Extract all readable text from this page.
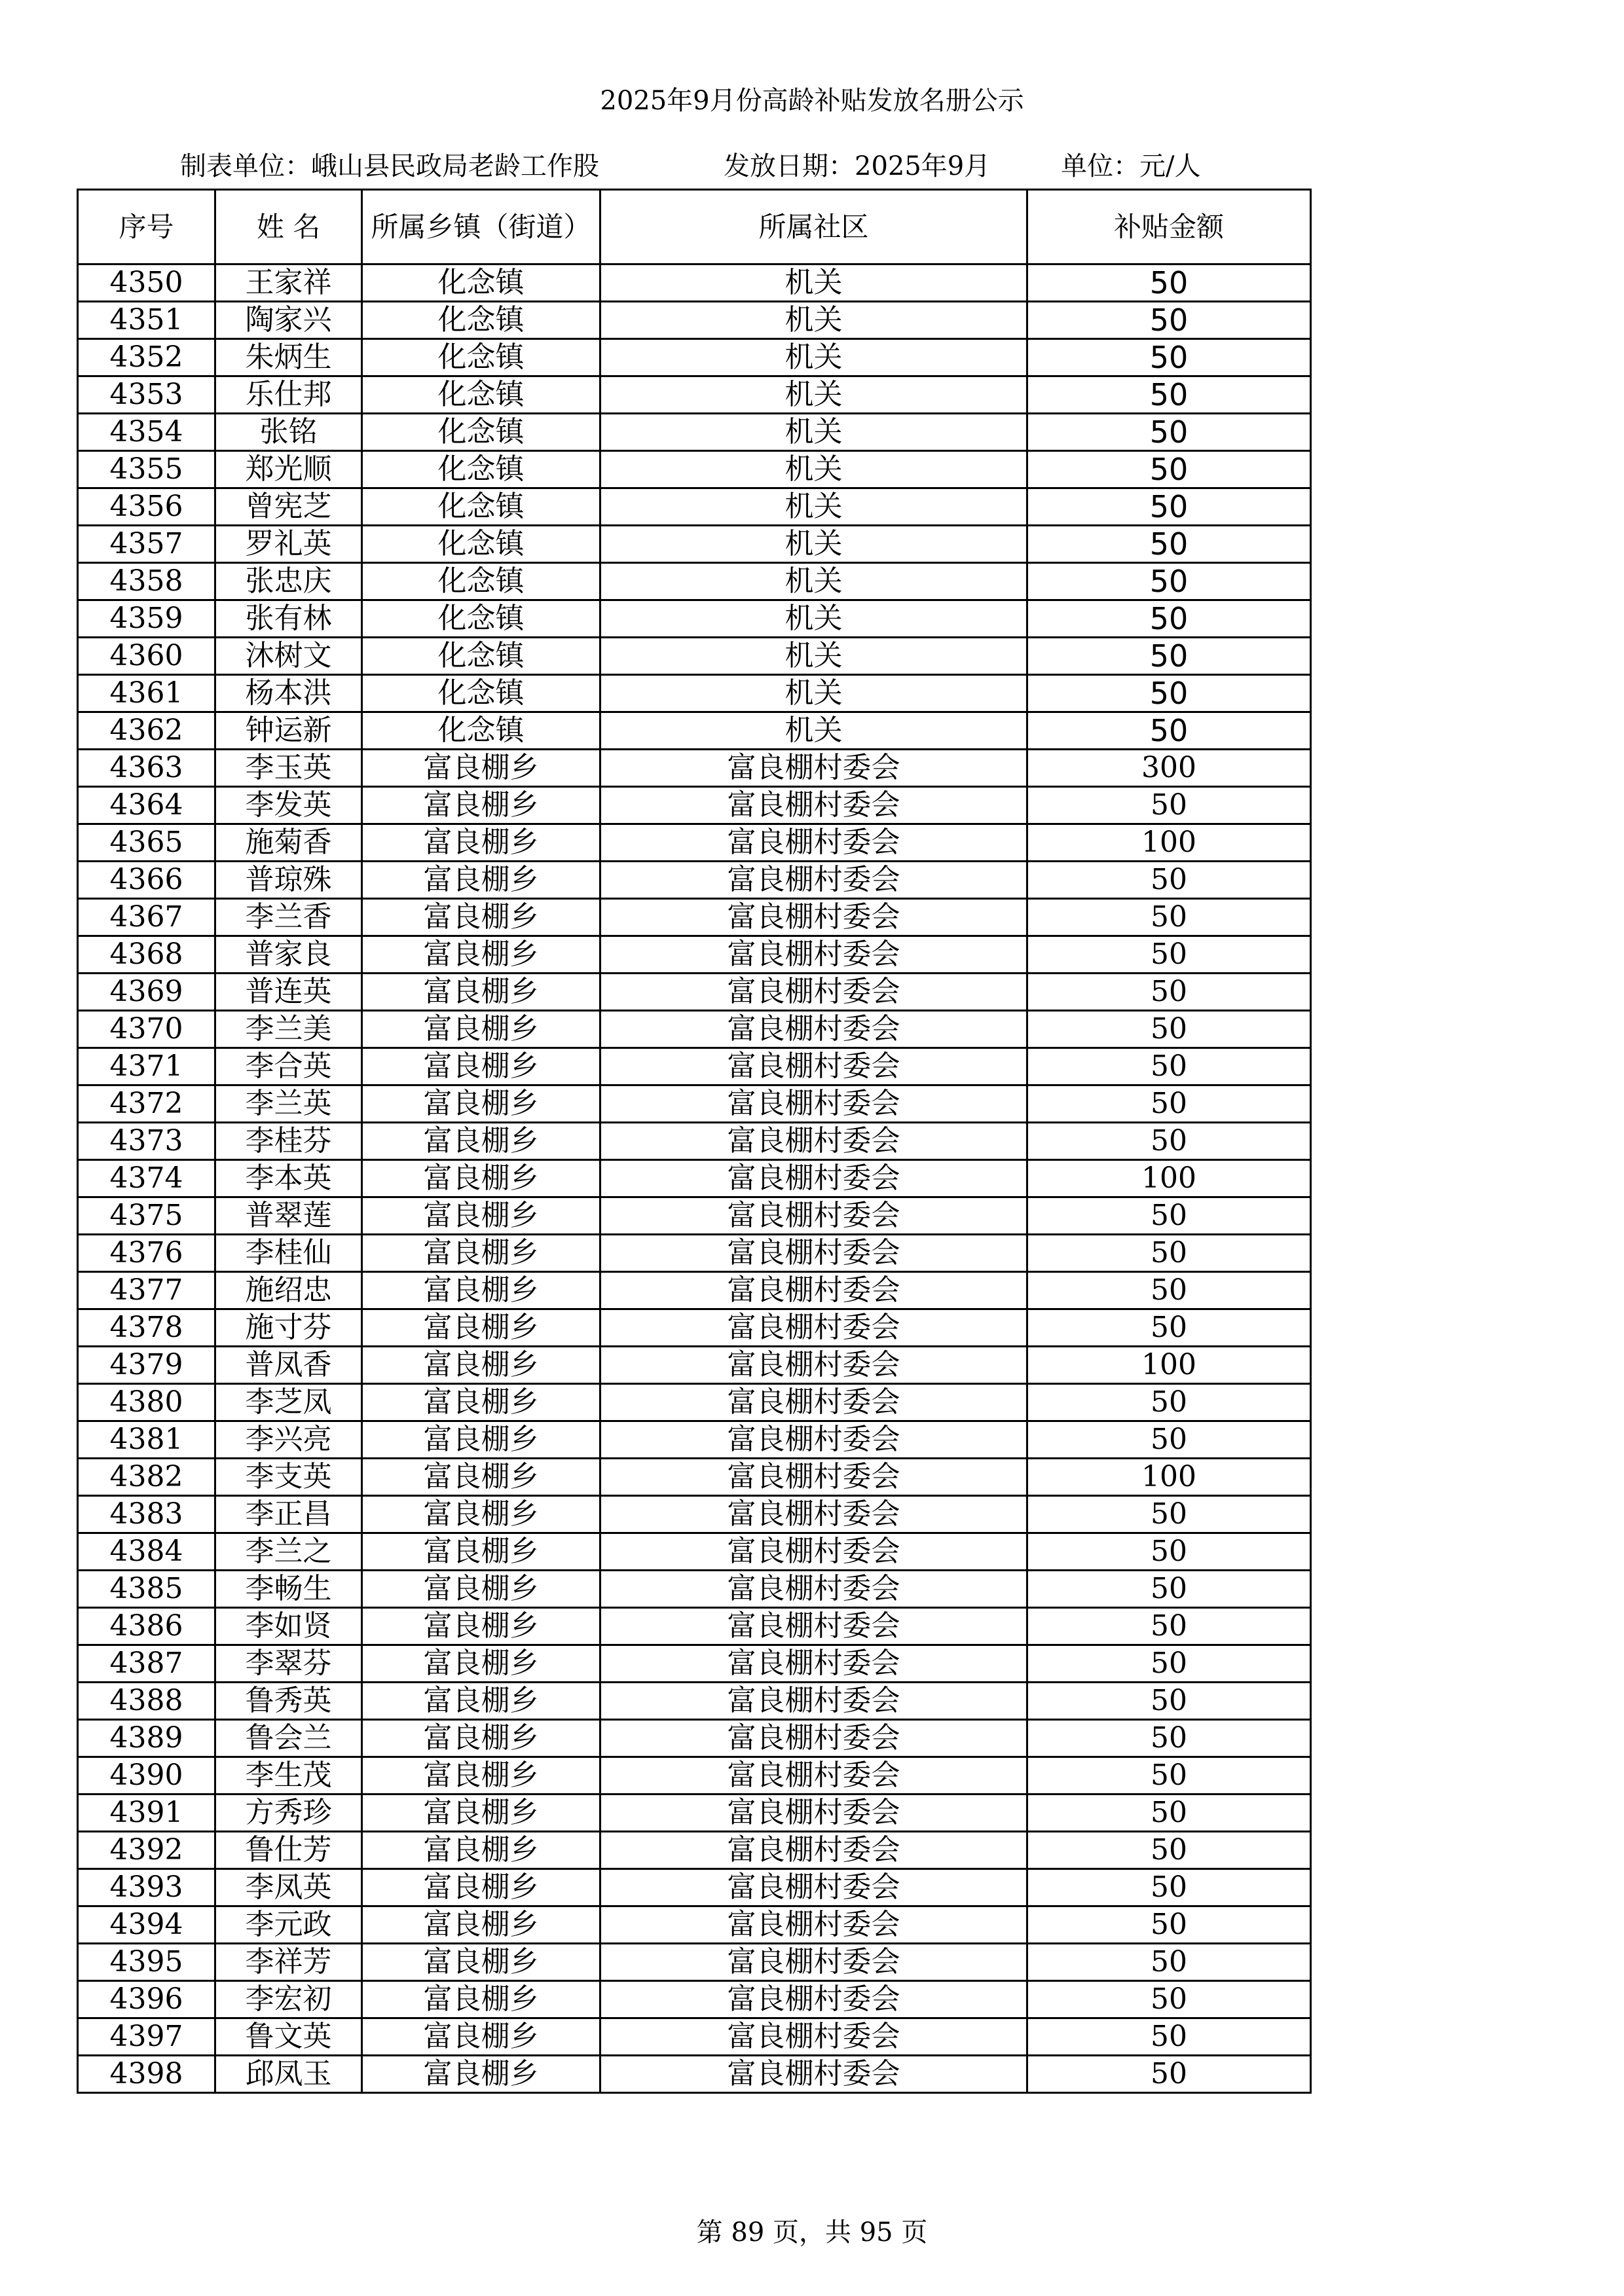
2025年9月份高龄补贴发放名册公示
制表单位：峨山县民政局老龄工作股	发放日期：2025年9月	单位：元/人
序号	姓 名	所属乡镇（街道）	所属社区	补贴金额
4350	王家祥	化念镇	机关	50
4351	陶家兴	化念镇	机关	50
4352	朱炳生	化念镇	机关	50
4353	乐仕邦	化念镇	机关	50
4354	张铭	化念镇	机关	50
4355	郑光顺	化念镇	机关	50
4356	曾宪芝	化念镇	机关	50
4357	罗礼英	化念镇	机关	50
4358	张忠庆	化念镇	机关	50
4359	张有林	化念镇	机关	50
4360	沐树文	化念镇	机关	50
4361	杨本洪	化念镇	机关	50
4362	钟运新	化念镇	机关	50
4363	李玉英	富良棚乡	富良棚村委会	300
4364	李发英	富良棚乡	富良棚村委会	50
4365	施菊香	富良棚乡	富良棚村委会	100
4366	普琼殊	富良棚乡	富良棚村委会	50
4367	李兰香	富良棚乡	富良棚村委会	50
4368	普家良	富良棚乡	富良棚村委会	50
4369	普连英	富良棚乡	富良棚村委会	50
4370	李兰美	富良棚乡	富良棚村委会	50
4371	李合英	富良棚乡	富良棚村委会	50
4372	李兰英	富良棚乡	富良棚村委会	50
4373	李桂芬	富良棚乡	富良棚村委会	50
4374	李本英	富良棚乡	富良棚村委会	100
4375	普翠莲	富良棚乡	富良棚村委会	50
4376	李桂仙	富良棚乡	富良棚村委会	50
4377	施绍忠	富良棚乡	富良棚村委会	50
4378	施寸芬	富良棚乡	富良棚村委会	50
4379	普凤香	富良棚乡	富良棚村委会	100
4380	李芝凤	富良棚乡	富良棚村委会	50
4381	李兴亮	富良棚乡	富良棚村委会	50
4382	李支英	富良棚乡	富良棚村委会	100
4383	李正昌	富良棚乡	富良棚村委会	50
4384	李兰之	富良棚乡	富良棚村委会	50
4385	李畅生	富良棚乡	富良棚村委会	50
4386	李如贤	富良棚乡	富良棚村委会	50
4387	李翠芬	富良棚乡	富良棚村委会	50
4388	鲁秀英	富良棚乡	富良棚村委会	50
4389	鲁会兰	富良棚乡	富良棚村委会	50
4390	李生茂	富良棚乡	富良棚村委会	50
4391	方秀珍	富良棚乡	富良棚村委会	50
4392	鲁仕芳	富良棚乡	富良棚村委会	50
4393	李凤英	富良棚乡	富良棚村委会	50
4394	李元政	富良棚乡	富良棚村委会	50
4395	李祥芳	富良棚乡	富良棚村委会	50
4396	李宏初	富良棚乡	富良棚村委会	50
4397	鲁文英	富良棚乡	富良棚村委会	50
4398	邱凤玉	富良棚乡	富良棚村委会	50
第 89 页，共 95 页
